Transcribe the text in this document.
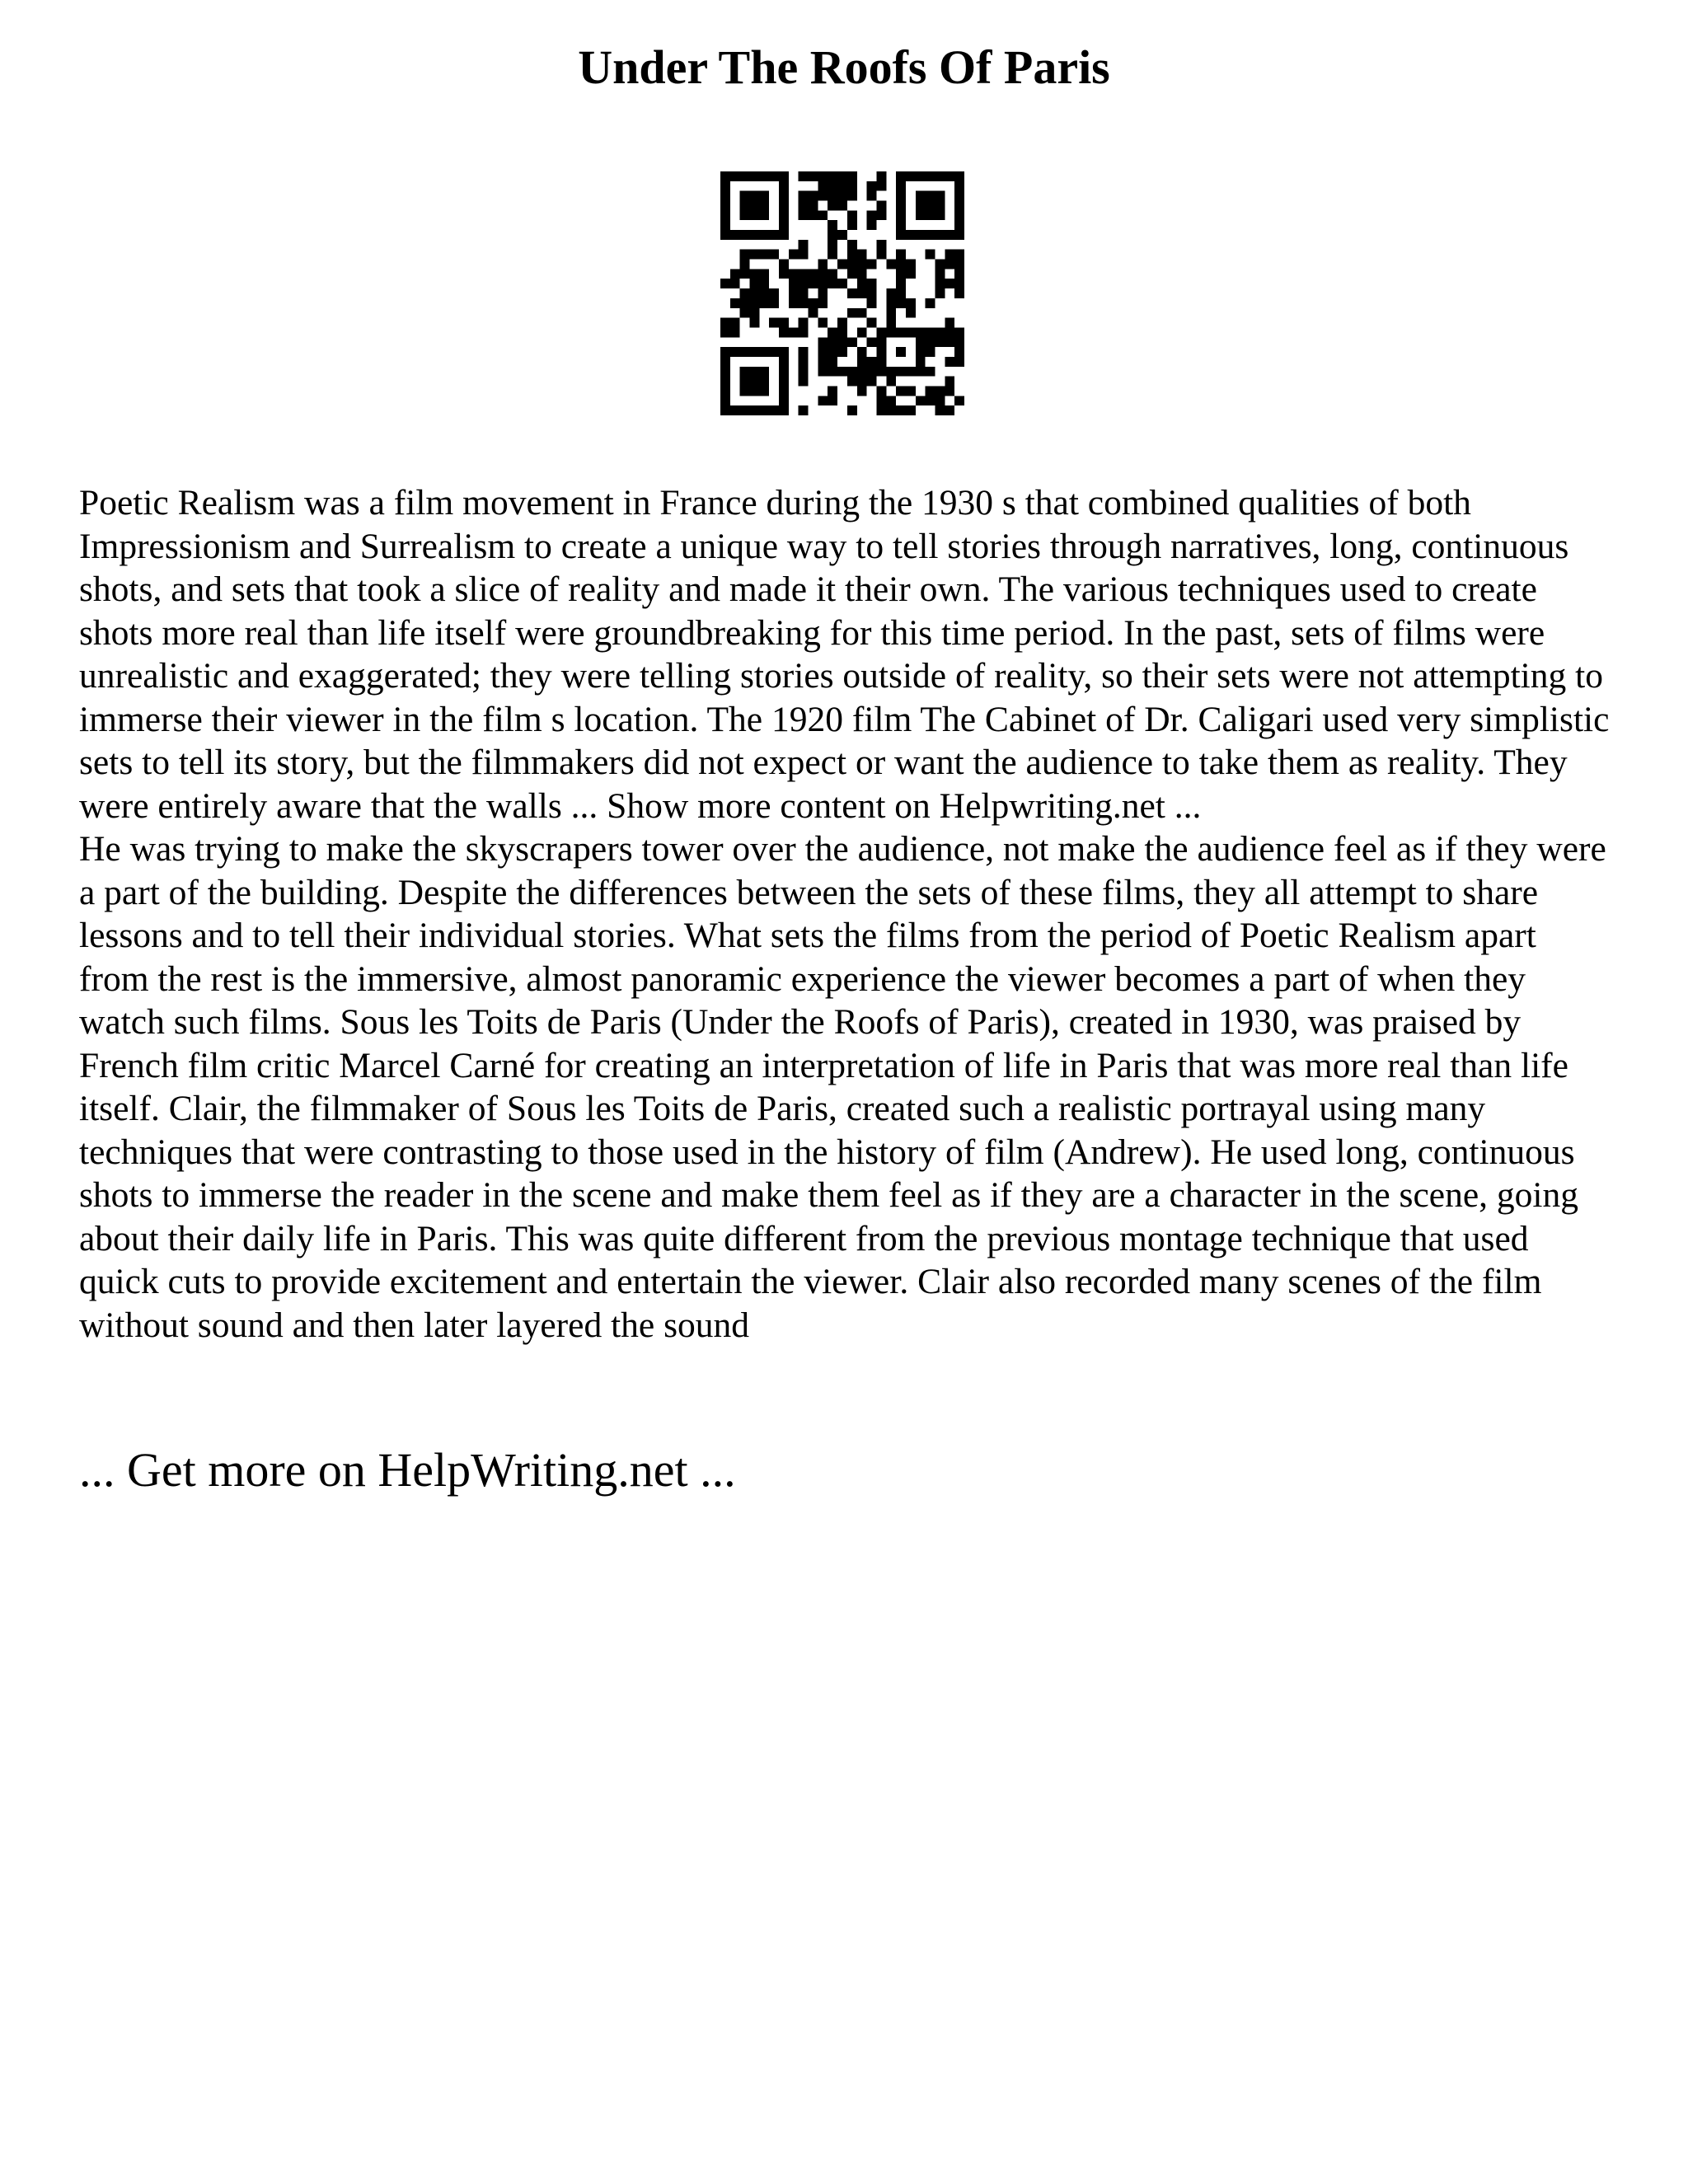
Under The Roofs Of Paris

Poetic Realism was a film movement in France during the 1930 s that combined qualities of both Impressionism and Surrealism to create a unique way to tell stories through narratives, long, continuous shots, and sets that took a slice of reality and made it their own. The various techniques used to create shots more real than life itself were groundbreaking for this time period. In the past, sets of films were unrealistic and exaggerated; they were telling stories outside of reality, so their sets were not attempting to immerse their viewer in the film s location. The 1920 film The Cabinet of Dr. Caligari used very simplistic sets to tell its story, but the filmmakers did not expect or want the audience to take them as reality. They were entirely aware that the walls ... Show more content on Helpwriting.net ...

He was trying to make the skyscrapers tower over the audience, not make the audience feel as if they were a part of the building. Despite the differences between the sets of these films, they all attempt to share lessons and to tell their individual stories. What sets the films from the period of Poetic Realism apart from the rest is the immersive, almost panoramic experience the viewer becomes a part of when they watch such films. Sous les Toits de Paris (Under the Roofs of Paris), created in 1930, was praised by French film critic Marcel Carné for creating an interpretation of life in Paris that was more real than life itself. Clair, the filmmaker of Sous les Toits de Paris, created such a realistic portrayal using many techniques that were contrasting to those used in the history of film (Andrew). He used long, continuous shots to immerse the reader in the scene and make them feel as if they are a character in the scene, going about their daily life in Paris. This was quite different from the previous montage technique that used quick cuts to provide excitement and entertain the viewer. Clair also recorded many scenes of the film without sound and then later layered the sound

... Get more on HelpWriting.net ...
